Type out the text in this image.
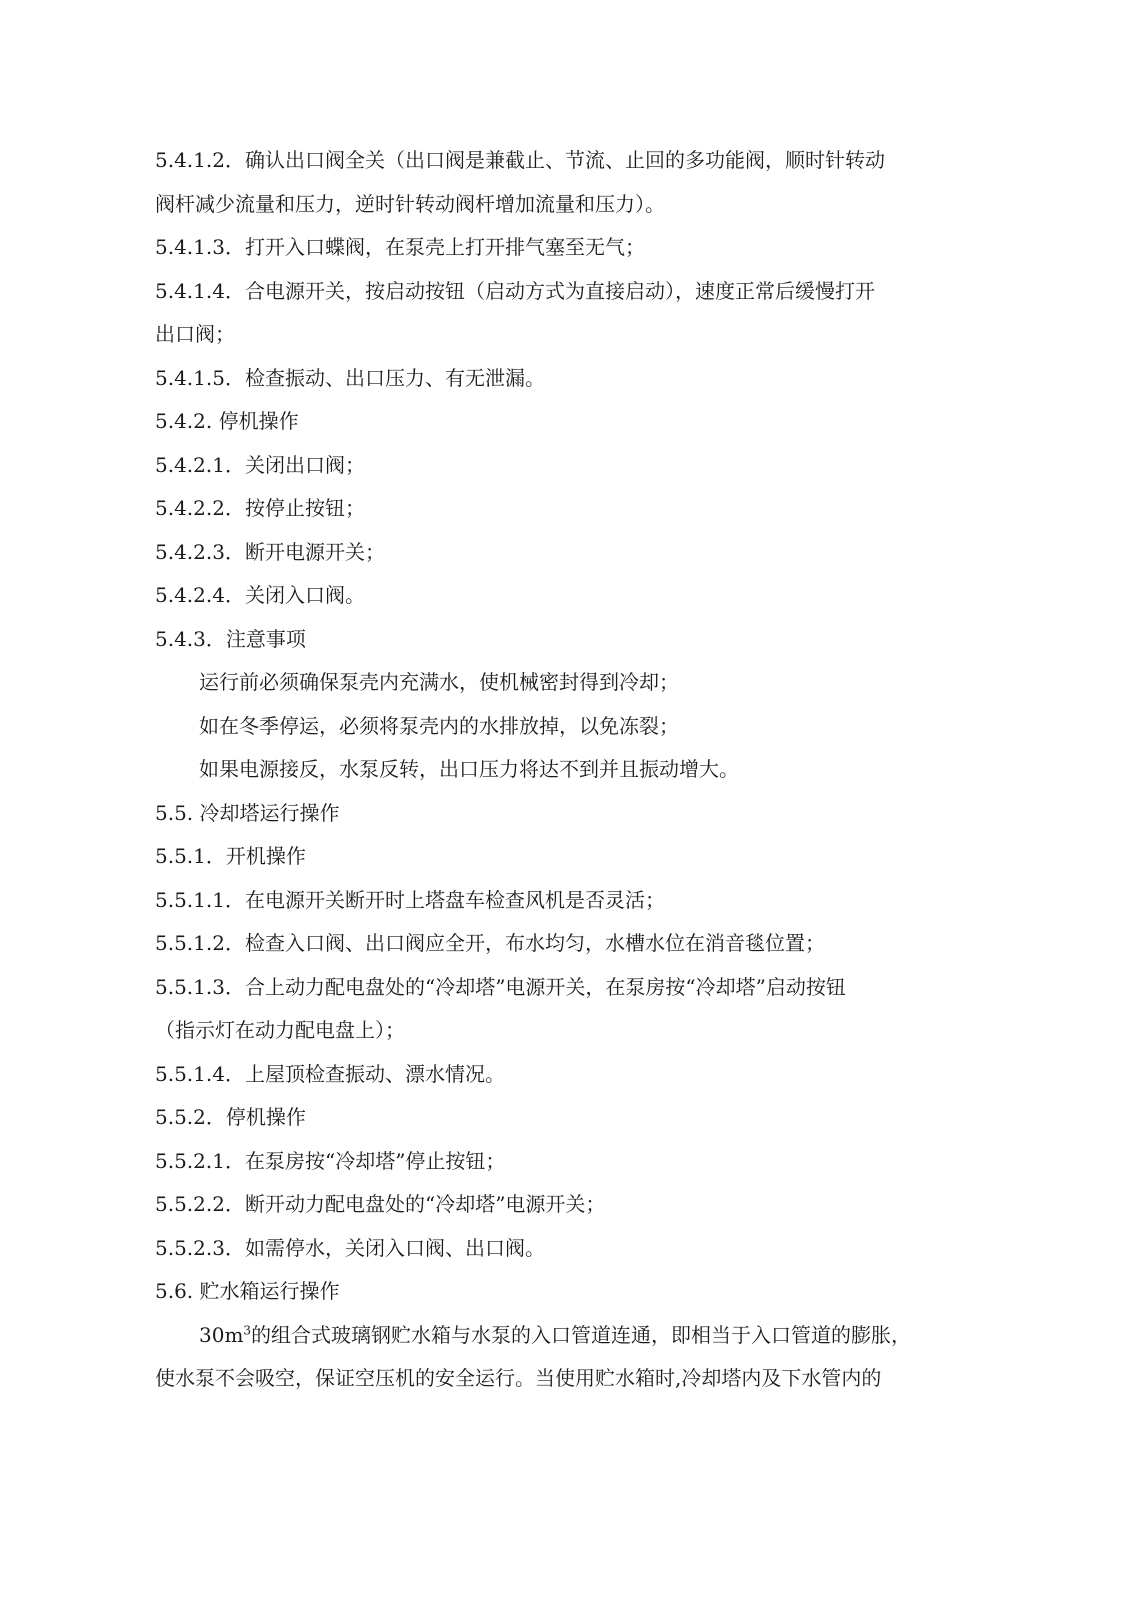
5.4.1.2．确认出口阀全关（出口阀是兼截止、节流、止回的多功能阀，顺时针转动
阀杆减少流量和压力，逆时针转动阀杆增加流量和压力）。
5.4.1.3．打开入口蝶阀，在泵壳上打开排气塞至无气；
5.4.1.4．合电源开关，按启动按钮（启动方式为直接启动），速度正常后缓慢打开
出口阀；
5.4.1.5．检查振动、出口压力、有无泄漏。
5.4.2. 停机操作
5.4.2.1．关闭出口阀；
5.4.2.2．按停止按钮；
5.4.2.3．断开电源开关；
5.4.2.4．关闭入口阀。
5.4.3．注意事项
运行前必须确保泵壳内充满水，使机械密封得到冷却；
如在冬季停运，必须将泵壳内的水排放掉，以免冻裂；
如果电源接反，水泵反转，出口压力将达不到并且振动增大。
5.5. 冷却塔运行操作
5.5.1．开机操作
5.5.1.1．在电源开关断开时上塔盘车检查风机是否灵活；
5.5.1.2．检查入口阀、出口阀应全开，布水均匀，水槽水位在消音毯位置；
5.5.1.3．合上动力配电盘处的“冷却塔”电源开关，在泵房按“冷却塔”启动按钮
（指示灯在动力配电盘上）；
5.5.1.4．上屋顶检查振动、漂水情况。
5.5.2．停机操作
5.5.2.1．在泵房按“冷却塔”停止按钮；
5.5.2.2．断开动力配电盘处的“冷却塔”电源开关；
5.5.2.3．如需停水，关闭入口阀、出口阀。
5.6. 贮水箱运行操作
$30m^3$的组合式玻璃钢贮水箱与水泵的入口管道连通，即相当于入口管道的膨胀，
使水泵不会吸空，保证空压机的安全运行。当使用贮水箱时,冷却塔内及下水管内的
